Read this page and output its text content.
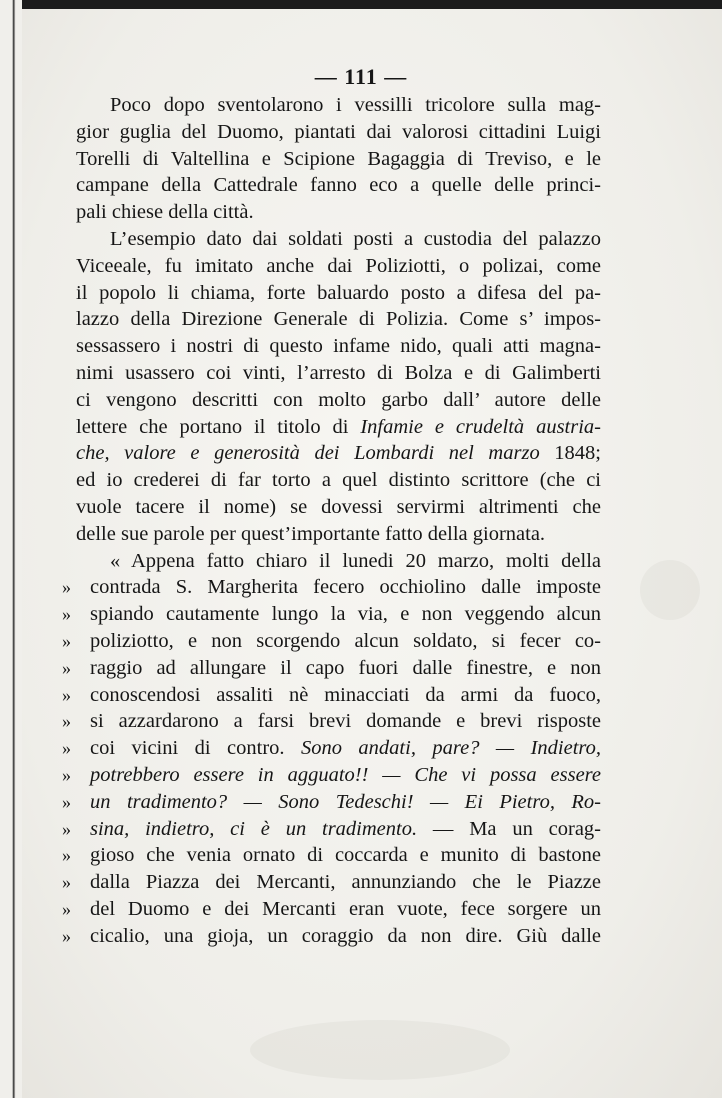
— 111 —
Poco dopo sventolarono i vessilli tricolore sulla mag-
gior guglia del Duomo, piantati dai valorosi cittadini Luigi
Torelli di Valtellina e Scipione Bagaggia di Treviso, e le
campane della Cattedrale fanno eco a quelle delle princi-
pali chiese della città.
L’esempio dato dai soldati posti a custodia del palazzo
Viceeale, fu imitato anche dai Poliziotti, o polizai, come
il popolo li chiama, forte baluardo posto a difesa del pa-
lazzo della Direzione Generale di Polizia. Come s’ impos-
sessassero i nostri di questo infame nido, quali atti magna-
nimi usassero coi vinti, l’arresto di Bolza e di Galimberti
ci vengono descritti con molto garbo dall’ autore delle
lettere che portano il titolo di Infamie e crudeltà austria-
che, valore e generosità dei Lombardi nel marzo 1848;
ed io crederei di far torto a quel distinto scrittore (che ci
vuole tacere il nome) se dovessi servirmi altrimenti che
delle sue parole per quest’importante fatto della giornata.
« Appena fatto chiaro il lunedi 20 marzo, molti della
» contrada S. Margherita fecero occhiolino dalle imposte
» spiando cautamente lungo la via, e non veggendo alcun
» poliziotto, e non scorgendo alcun soldato, si fecer co-
» raggio ad allungare il capo fuori dalle finestre, e non
» conoscendosi assaliti nè minacciati da armi da fuoco,
» si azzardarono a farsi brevi domande e brevi risposte
» coi vicini di contro. Sono andati, pare? — Indietro,
» potrebbero essere in agguato!! — Che vi possa essere
» un tradimento? — Sono Tedeschi! — Ei Pietro, Ro-
» sina, indietro, ci è un tradimento. — Ma un corag-
» gioso che venia ornato di coccarda e munito di bastone
» dalla Piazza dei Mercanti, annunziando che le Piazze
» del Duomo e dei Mercanti eran vuote, fece sorgere un
» cicalio, una gioja, un coraggio da non dire. Giù dalle
